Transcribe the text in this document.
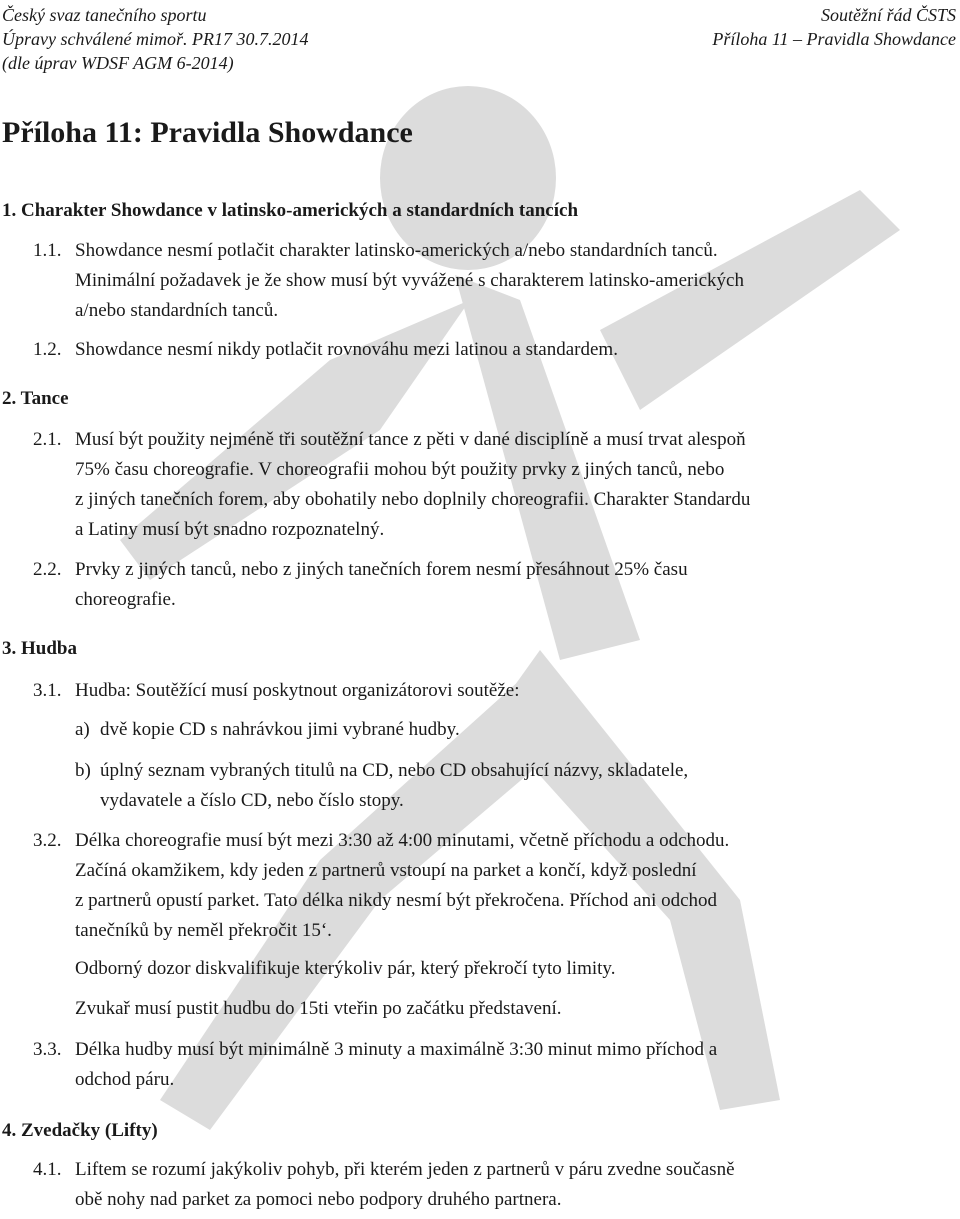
Český svaz tanečního sportu
Úpravy schválené mimoř. PR17 30.7.2014
(dle úprav WDSF AGM 6-2014)
Soutěžní řád ČSTS
Příloha 11 – Pravidla Showdance
Příloha 11: Pravidla Showdance
1. Charakter Showdance v latinsko-amerických a standardních tancích
1.1. Showdance nesmí potlačit charakter latinsko-amerických a/nebo standardních tanců.
Minimální požadavek je že show musí být vyvážené s charakterem latinsko-amerických
a/nebo standardních tanců.
1.2. Showdance nesmí nikdy potlačit rovnováhu mezi latinou a standardem.
2. Tance
2.1. Musí být použity nejméně tři soutěžní tance z pěti v dané disciplíně a musí trvat alespoň
75% času choreografie. V choreografii mohou být použity prvky z jiných tanců, nebo
z jiných tanečních forem, aby obohatily nebo doplnily choreografii. Charakter Standardu
a Latiny musí být snadno rozpoznatelný.
2.2. Prvky z jiných tanců, nebo z jiných tanečních forem nesmí přesáhnout 25% času
choreografie.
3. Hudba
3.1. Hudba: Soutěžící musí poskytnout organizátorovi soutěže:
a) dvě kopie CD s nahrávkou jimi vybrané hudby.
b) úplný seznam vybraných titulů na CD, nebo CD obsahující názvy, skladatele,
vydavatele a číslo CD, nebo číslo stopy.
3.2. Délka choreografie musí být mezi 3:30 až 4:00 minutami, včetně příchodu a odchodu.
Začíná okamžikem, kdy jeden z partnerů vstoupí na parket a končí, když poslední
z partnerů opustí parket. Tato délka nikdy nesmí být překročena. Příchod ani odchod
tanečníků by neměl překročit 15‘.
Odborný dozor diskvalifikuje kterýkoliv pár, který překročí tyto limity.
Zvukař musí pustit hudbu do 15ti vteřin po začátku představení.
3.3. Délka hudby musí být minimálně 3 minuty a maximálně 3:30 minut mimo příchod a
odchod páru.
4. Zvedačky (Lifty)
4.1. Liftem se rozumí jakýkoliv pohyb, při kterém jeden z partnerů v páru zvedne současně
obě nohy nad parket za pomoci nebo podpory druhého partnera.
